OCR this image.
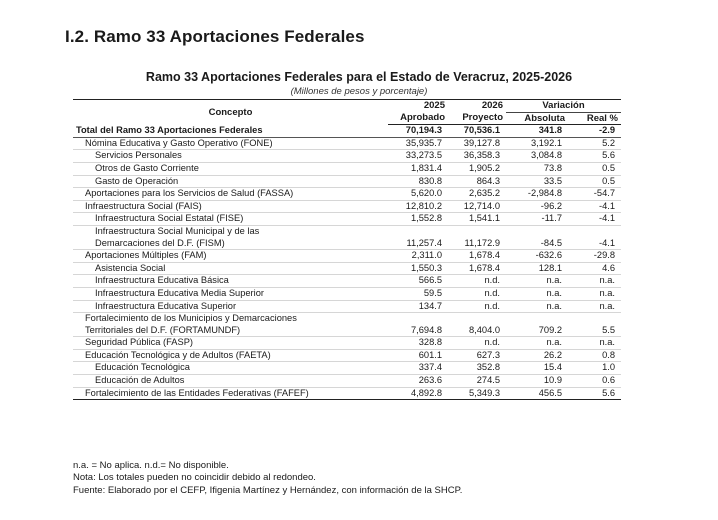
I.2. Ramo 33 Aportaciones Federales
Ramo 33 Aportaciones Federales para el Estado de Veracruz, 2025-2026
(Millones de pesos y porcentaje)
Concepto	2025	2026	Variación	
	Aprobado	Proyecto	Absoluta	Real %
Total del Ramo 33 Aportaciones Federales	70,194.3	70,536.1	341.8	-2.9
Nómina Educativa y Gasto Operativo (FONE)	35,935.7	39,127.8	3,192.1	5.2
Servicios Personales	33,273.5	36,358.3	3,084.8	5.6
Otros de Gasto Corriente	1,831.4	1,905.2	73.8	0.5
Gasto de Operación	830.8	864.3	33.5	0.5
Aportaciones para los Servicios de Salud (FASSA)	5,620.0	2,635.2	-2,984.8	-54.7
Infraestructura Social (FAIS)	12,810.2	12,714.0	-96.2	-4.1
Infraestructura Social Estatal (FISE)	1,552.8	1,541.1	-11.7	-4.1
Infraestructura Social Municipal y de las				
Demarcaciones del D.F. (FISM)	11,257.4	11,172.9	-84.5	-4.1
Aportaciones Múltiples (FAM)	2,311.0	1,678.4	-632.6	-29.8
Asistencia Social	1,550.3	1,678.4	128.1	4.6
Infraestructura Educativa Básica	566.5	n.d.	n.a.	n.a.
Infraestructura Educativa Media Superior	59.5	n.d.	n.a.	n.a.
Infraestructura Educativa Superior	134.7	n.d.	n.a.	n.a.
Fortalecimiento de los Municipios y Demarcaciones				
Territoriales del D.F. (FORTAMUNDF)	7,694.8	8,404.0	709.2	5.5
Seguridad Pública (FASP)	328.8	n.d.	n.a.	n.a.
Educación Tecnológica y de Adultos (FAETA)	601.1	627.3	26.2	0.8
Educación Tecnológica	337.4	352.8	15.4	1.0
Educación de Adultos	263.6	274.5	10.9	0.6
Fortalecimiento de las Entidades Federativas (FAFEF)	4,892.8	5,349.3	456.5	5.6
n.a. = No aplica. n.d.= No disponible.
Nota: Los totales pueden no coincidir debido al redondeo.
Fuente: Elaborado por el CEFP, Ifigenia Martínez y Hernández, con información de la SHCP.
